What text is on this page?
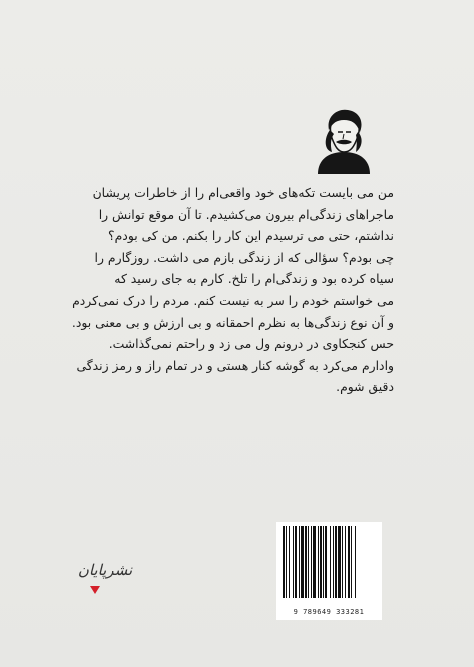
من می بایست تکه‌های خود واقعی‌ام را از خاطرات پریشان
ماجراهای زندگی‌ام بیرون می‌کشیدم. تا آن موقع توانش را
نداشتم، حتی می ترسیدم این کار را بکنم. من کی بودم؟
چی بودم؟ سؤالی که از زندگی بازم می داشت. روزگارم را
سیاه کرده بود و زندگی‌ام را تلخ. کارم به جای رسید که
می خواستم خودم را سر به نیست کنم. مردم را درک نمی‌کردم
و آن نوع زندگی‌ها به نظرم احمقانه و بی ارزش و بی معنی بود.
حس کنجکاوی در درونم ول می زد و راحتم نمی‌گذاشت.
وادارم می‌کرد به گوشه کنار هستی و در تمام راز و رمز زندگی
دقیق شوم.

نشرپایان
9 789649 333281
